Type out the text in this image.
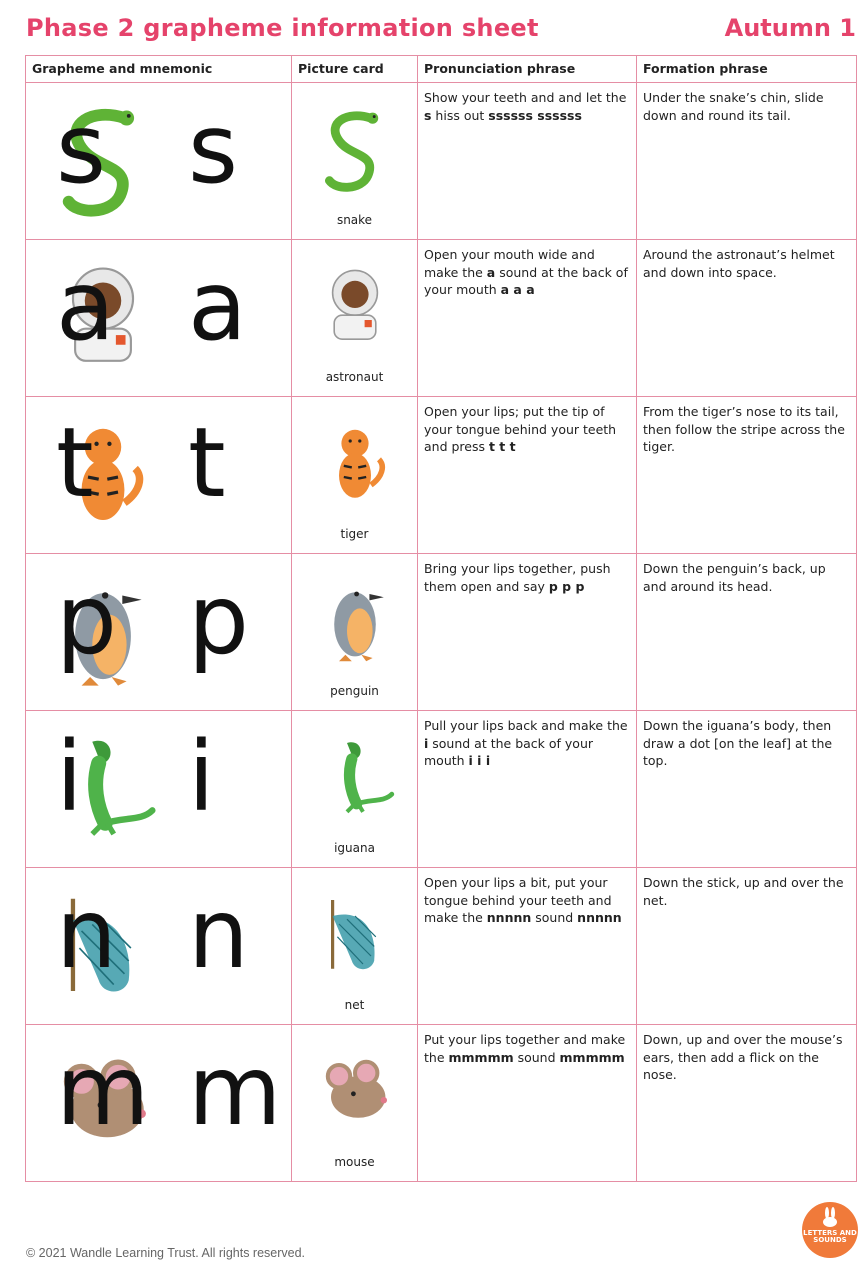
Phase 2 grapheme information sheet	Autumn 1
Grapheme and mnemonic	Picture card	Pronunciation phrase	Formation phrase

s s	snake	Show your teeth and and let the s hiss out ssssss ssssss	Under the snake’s chin, slide down and round its tail.

a a	astronaut	Open your mouth wide and make the a sound at the back of your mouth a a a	Around the astronaut’s helmet and down into space.

t t	tiger	Open your lips; put the tip of your tongue behind your teeth and press t t t	From the tiger’s nose to its tail, then follow the stripe across the tiger.

p p	penguin	Bring your lips together, push them open and say p p p	Down the penguin’s back, up and around its head.

i i	iguana	Pull your lips back and make the i sound at the back of your mouth i i i	Down the iguana’s body, then draw a dot [on the leaf] at the top.

n n	net	Open your lips a bit, put your tongue behind your teeth and make the nnnnn sound nnnnn	Down the stick, up and over the net.

m m	mouse	Put your lips together and make the mmmmm sound mmmmm	Down, up and over the mouse’s ears, then add a flick on the nose.
© 2021 Wandle Learning Trust. All rights reserved.
LETTERS AND SOUNDS
